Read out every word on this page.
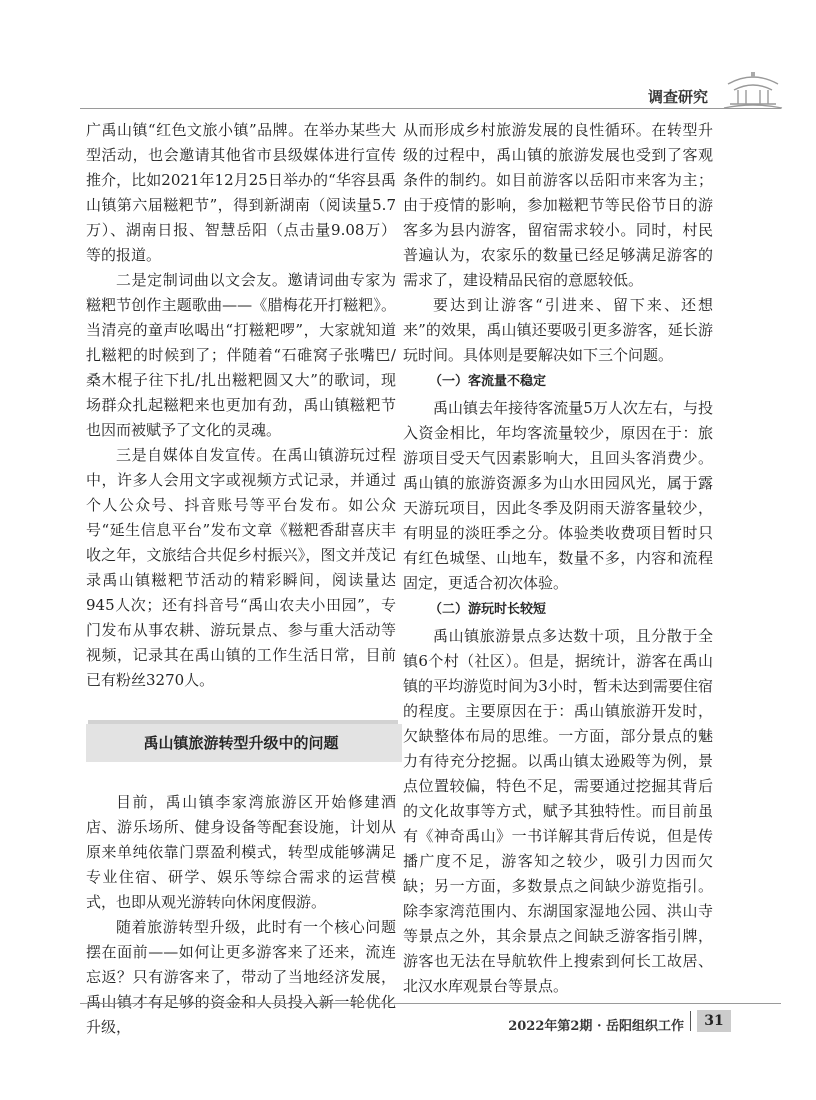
调查研究

广禹山镇“红色文旅小镇”品牌。在举办某些大型活动，也会邀请其他省市县级媒体进行宣传推介，比如2021年12月25日举办的“华容县禹山镇第六届糍粑节”，得到新湖南（阅读量5.7万）、湖南日报、智慧岳阳（点击量9.08万）等的报道。

二是定制词曲以文会友。邀请词曲专家为糍粑节创作主题歌曲——《腊梅花开打糍粑》。当清亮的童声吆喝出“打糍粑啰”，大家就知道扎糍粑的时候到了；伴随着“石碓窝子张嘴巴/桑木棍子往下扎/扎出糍粑圆又大”的歌词，现场群众扎起糍粑来也更加有劲，禹山镇糍粑节也因而被赋予了文化的灵魂。

三是自媒体自发宣传。在禹山镇游玩过程中，许多人会用文字或视频方式记录，并通过个人公众号、抖音账号等平台发布。如公众号“延生信息平台”发布文章《糍粑香甜喜庆丰收之年，文旅结合共促乡村振兴》，图文并茂记录禹山镇糍粑节活动的精彩瞬间，阅读量达945人次；还有抖音号“禹山农夫小田园”，专门发布从事农耕、游玩景点、参与重大活动等视频，记录其在禹山镇的工作生活日常，目前已有粉丝3270人。

禹山镇旅游转型升级中的问题

目前，禹山镇李家湾旅游区开始修建酒店、游乐场所、健身设备等配套设施，计划从原来单纯依靠门票盈利模式，转型成能够满足专业住宿、研学、娱乐等综合需求的运营模式，也即从观光游转向休闲度假游。

随着旅游转型升级，此时有一个核心问题摆在面前——如何让更多游客来了还来，流连忘返？只有游客来了，带动了当地经济发展，禹山镇才有足够的资金和人员投入新一轮优化升级，

从而形成乡村旅游发展的良性循环。在转型升级的过程中，禹山镇的旅游发展也受到了客观条件的制约。如目前游客以岳阳市来客为主；由于疫情的影响，参加糍粑节等民俗节日的游客多为县内游客，留宿需求较小。同时，村民普遍认为，农家乐的数量已经足够满足游客的需求了，建设精品民宿的意愿较低。

要达到让游客“引进来、留下来、还想来”的效果，禹山镇还要吸引更多游客，延长游玩时间。具体则是要解决如下三个问题。

（一）客流量不稳定

禹山镇去年接待客流量5万人次左右，与投入资金相比，年均客流量较少，原因在于：旅游项目受天气因素影响大，且回头客消费少。禹山镇的旅游资源多为山水田园风光，属于露天游玩项目，因此冬季及阴雨天游客量较少，有明显的淡旺季之分。体验类收费项目暂时只有红色城堡、山地车，数量不多，内容和流程固定，更适合初次体验。

（二）游玩时长较短

禹山镇旅游景点多达数十项，且分散于全镇6个村（社区）。但是，据统计，游客在禹山镇的平均游览时间为3小时，暂未达到需要住宿的程度。主要原因在于：禹山镇旅游开发时，欠缺整体布局的思维。一方面，部分景点的魅力有待充分挖掘。以禹山镇太逊殿等为例，景点位置较偏，特色不足，需要通过挖掘其背后的文化故事等方式，赋予其独特性。而目前虽有《神奇禹山》一书详解其背后传说，但是传播广度不足，游客知之较少，吸引力因而欠缺；另一方面，多数景点之间缺少游览指引。除李家湾范围内、东湖国家湿地公园、洪山寺等景点之外，其余景点之间缺乏游客指引牌，游客也无法在导航软件上搜索到何长工故居、北汉水库观景台等景点。

2022年第2期 · 岳阳组织工作	31
